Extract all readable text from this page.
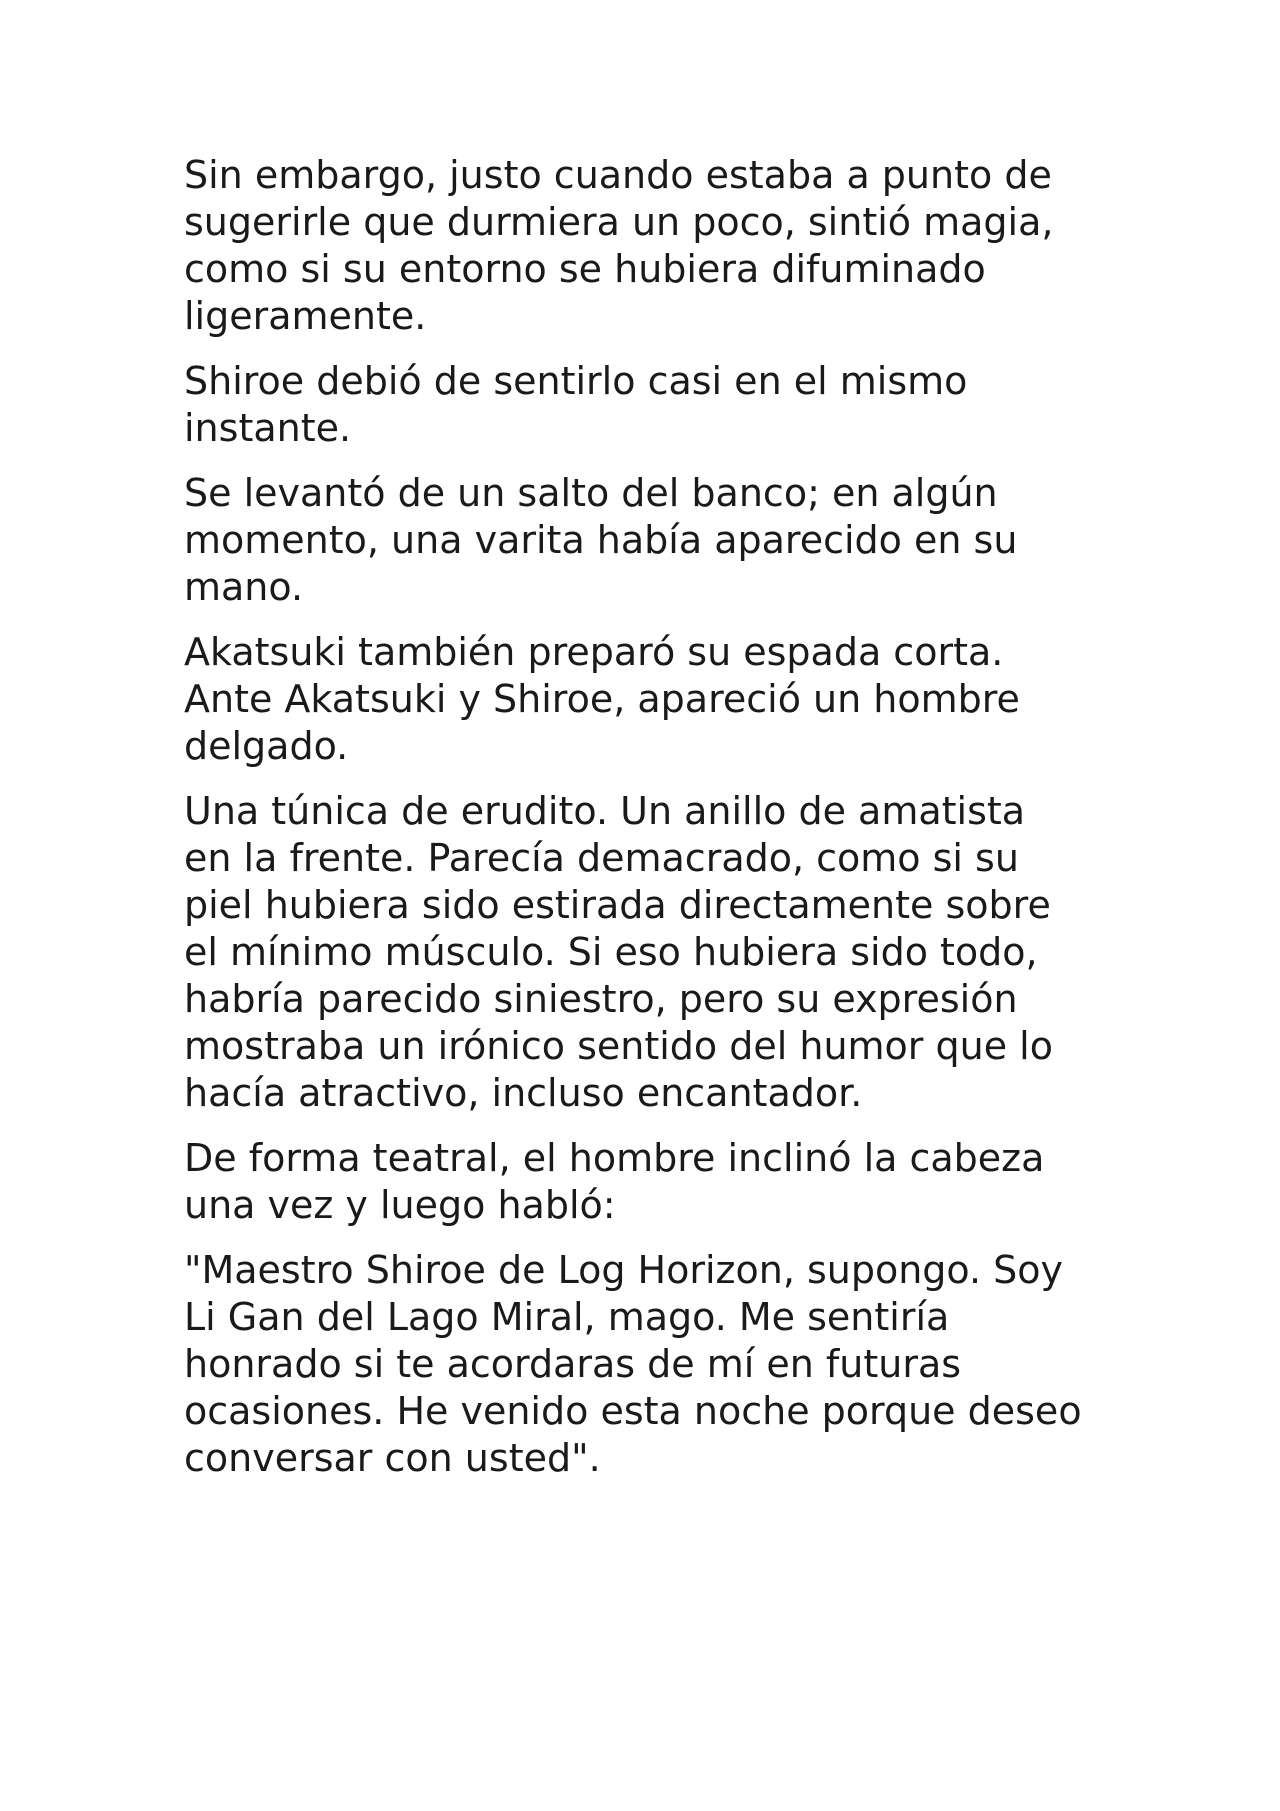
Sin embargo, justo cuando estaba a punto de
sugerirle que durmiera un poco, sintió magia,
como si su entorno se hubiera difuminado
ligeramente.

Shiroe debió de sentirlo casi en el mismo
instante.

Se levantó de un salto del banco; en algún
momento, una varita había aparecido en su
mano.

Akatsuki también preparó su espada corta.
Ante Akatsuki y Shiroe, apareció un hombre
delgado.

Una túnica de erudito. Un anillo de amatista
en la frente. Parecía demacrado, como si su
piel hubiera sido estirada directamente sobre
el mínimo músculo. Si eso hubiera sido todo,
habría parecido siniestro, pero su expresión
mostraba un irónico sentido del humor que lo
hacía atractivo, incluso encantador.

De forma teatral, el hombre inclinó la cabeza
una vez y luego habló:

"Maestro Shiroe de Log Horizon, supongo. Soy
Li Gan del Lago Miral, mago. Me sentiría
honrado si te acordaras de mí en futuras
ocasiones. He venido esta noche porque deseo
conversar con usted".
